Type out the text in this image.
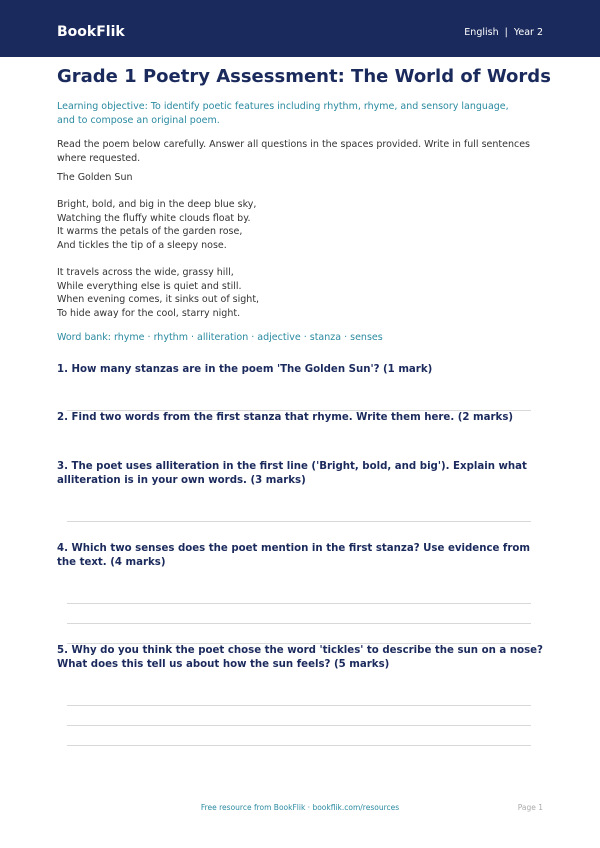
BookFlik	English | Year 2
Grade 1 Poetry Assessment: The World of Words
Learning objective: To identify poetic features including rhythm, rhyme, and sensory language, and to compose an original poem.
Read the poem below carefully. Answer all questions in the spaces provided. Write in full sentences where requested.
The Golden Sun
Bright, bold, and big in the deep blue sky,
Watching the fluffy white clouds float by.
It warms the petals of the garden rose,
And tickles the tip of a sleepy nose.
It travels across the wide, grassy hill,
While everything else is quiet and still.
When evening comes, it sinks out of sight,
To hide away for the cool, starry night.
Word bank: rhyme · rhythm · alliteration · adjective · stanza · senses
1. How many stanzas are in the poem 'The Golden Sun'? (1 mark)
2. Find two words from the first stanza that rhyme. Write them here. (2 marks)
3. The poet uses alliteration in the first line ('Bright, bold, and big'). Explain what alliteration is in your own words. (3 marks)
4. Which two senses does the poet mention in the first stanza? Use evidence from the text. (4 marks)
5. Why do you think the poet chose the word 'tickles' to describe the sun on a nose? What does this tell us about how the sun feels? (5 marks)
Free resource from BookFlik · bookflik.com/resources	Page 1
